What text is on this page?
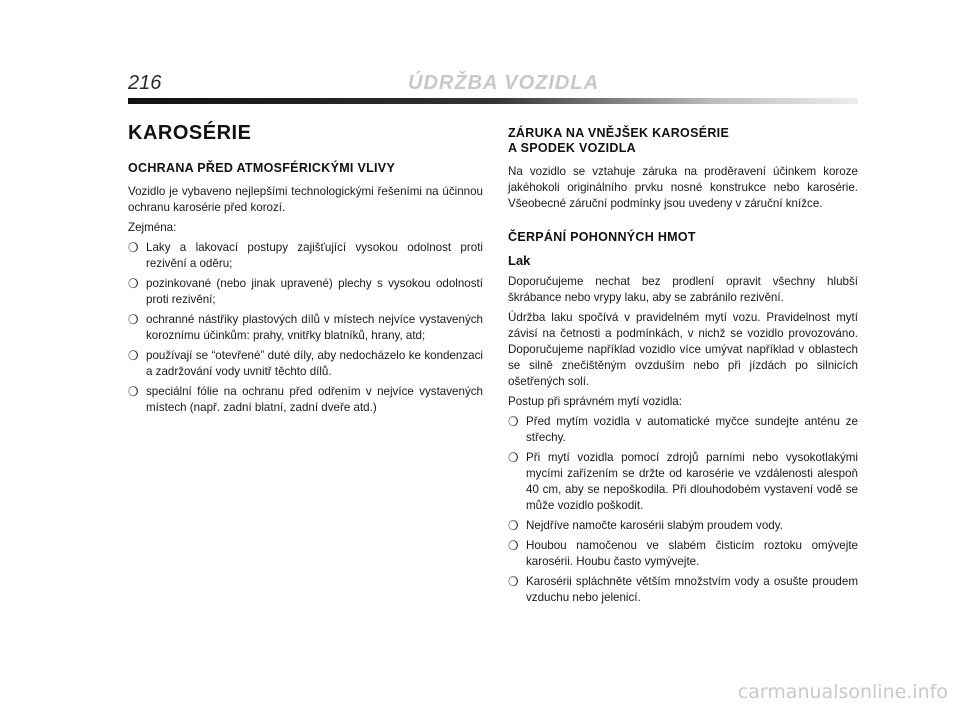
216	ÚDRŽBA VOZIDLA
KAROSÉRIE
OCHRANA PŘED ATMOSFÉRICKÝMI VLIVY

Vozidlo je vybaveno nejlepšími technologickými řešeními na účinnou ochranu karosérie před korozí.

Zejména:

❍ Laky a lakovací postupy zajišťující vysokou odolnost proti rezivění a oděru;
❍ pozinkované (nebo jinak upravené) plechy s vysokou odolností proti rezivění;
❍ ochranné nástřiky plastových dílů v místech nejvíce vystavených koroznímu účinkům: prahy, vnitřky blatníků, hrany, atd;
❍ používají se “otevřené” duté díly, aby nedocházelo ke kondenzaci a zadržování vody uvnitř těchto dílů.
❍ speciální fólie na ochranu před odřením v nejvíce vystavených místech (např. zadní blatní, zadní dveře atd.)
ZÁRUKA NA VNĚJŠEK KAROSÉRIE
A SPODEK VOZIDLA

Na vozidlo se vztahuje záruka na proděravení účinkem koroze jakéhokoli originálního prvku nosné konstrukce nebo karosérie. Všeobecné záruční podmínky jsou uvedeny v záruční knížce.

ČERPÁNÍ POHONNÝCH HMOT
Lak

Doporučujeme nechat bez prodlení opravit všechny hlubší škrábance nebo vrypy laku, aby se zabránilo rezivění.

Údržba laku spočívá v pravidelném mytí vozu. Pravidelnost mytí závisí na četnosti a podmínkách, v nichž se vozidlo provozováno. Doporučujeme například vozidlo více umývat například v oblastech se silně znečištěným ovzduším nebo při jízdách po silnicích ošetřených solí.

Postup při správném mytí vozidla:

❍ Před mytím vozidla v automatické myčce sundejte anténu ze střechy.
❍ Při mytí vozidla pomocí zdrojů parními nebo vysokotlakými mycími zařízením se držte od karosérie ve vzdálenosti alespoň 40 cm, aby se nepoškodila. Při dlouhodobém vystavení vodě se může vozidlo poškodit.
❍ Nejdříve namočte karosérii slabým proudem vody.
❍ Houbou namočenou ve slabém čisticím roztoku omývejte karosérii. Houbu často vymývejte.
❍ Karosérii spláchněte větším množstvím vody a osušte proudem vzduchu nebo jelenicí.
carmanualsonline.info
